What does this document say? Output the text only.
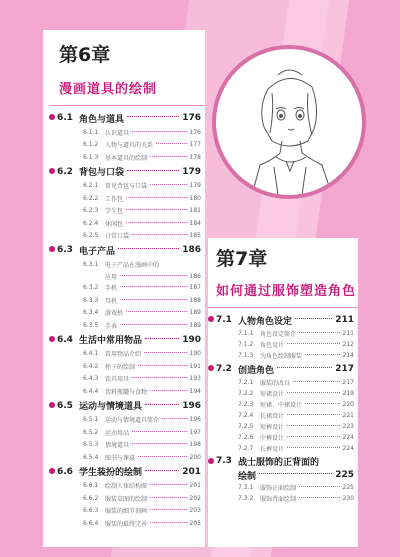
第6章
漫画道具的绘制
6.1 角色与道具	176
6.1.1	认识道具	176
6.1.2	人物与道具的关系	177
6.1.3	基本道具的绘制	178
6.2 背包与口袋	179
6.2.1	常见背包与口袋	179
6.2.2	工作包	180
6.2.3	学生包	181
6.2.4	休闲包	184
6.2.5	日常口袋	185
6.3 电子产品	186
6.3.1	电子产品在漫画中的
应用	186
6.3.2	手机	187
6.3.3	耳机	188
6.3.4	游戏机	189
6.3.5	手表	189
6.4 生活中常用物品	190
6.4.1	常用物品介绍	190
6.4.2	杯子的绘制	191
6.4.3	饮具用具	193
6.4.4	饮料瓶罐与食物	194
6.5 运动与情境道具	196
6.5.1	运动与情境道具简介	196
6.5.2	运动用品	197
6.5.3	情境道具	198
6.5.4	图书与课桌	200
6.6 学生装扮的绘制	201
6.6.1	绘制人体结构图	201
6.6.2	服装草图的绘制	202
6.6.3	服装的细节刻画	203
6.6.4	服装的最终完善	205
第7章
如何通过服饰塑造角色
7.1 人物角色设定	211
7.1.1	角色设定简介	211
7.1.2	角色设计	212
7.1.3	为角色绘制服装	214
7.2 创造角色	217
7.2.1	服装的改良	217
7.2.2	短裙设计	219
7.2.3	短裙、中裙设计	220
7.2.4	长裙设计	221
7.2.5	短裤设计	223
7.2.6	中裤设计	224
7.2.7	长裤设计	224
7.3 战士服饰的正背面的
绘制	225
7.3.1	服饰正面绘制	225
7.3.2	服饰背面绘制	230
